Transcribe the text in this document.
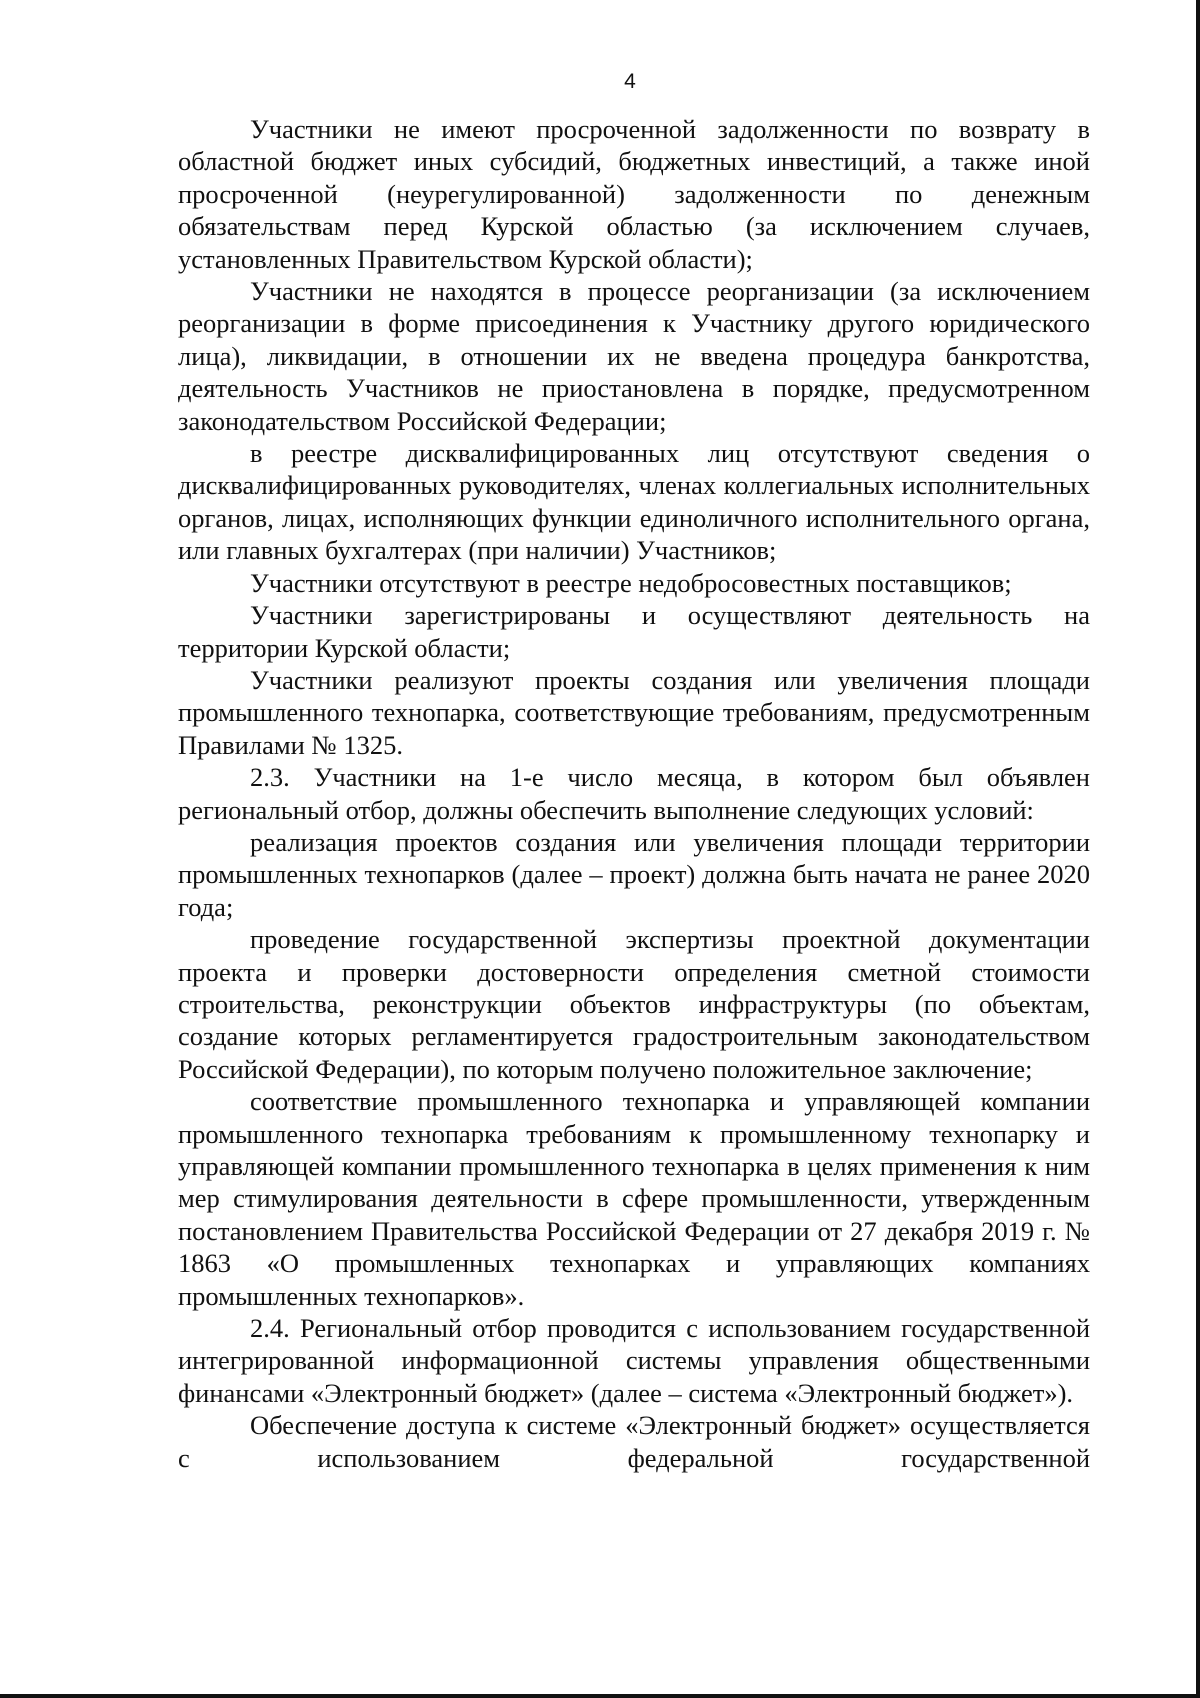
4

Участники не имеют просроченной задолженности по возврату в областной бюджет иных субсидий, бюджетных инвестиций, а также иной просроченной (неурегулированной) задолженности по денежным обязательствам перед Курской областью (за исключением случаев, установленных Правительством Курской области);

Участники не находятся в процессе реорганизации (за исключением реорганизации в форме присоединения к Участнику другого юридического лица), ликвидации, в отношении их не введена процедура банкротства, деятельность Участников не приостановлена в порядке, предусмотренном законодательством Российской Федерации;

в реестре дисквалифицированных лиц отсутствуют сведения о дисквалифицированных руководителях, членах коллегиальных исполнительных органов, лицах, исполняющих функции единоличного исполнительного органа, или главных бухгалтерах (при наличии) Участников;

Участники отсутствуют в реестре недобросовестных поставщиков;

Участники зарегистрированы и осуществляют деятельность на территории Курской области;

Участники реализуют проекты создания или увеличения площади промышленного технопарка, соответствующие требованиям, предусмотренным Правилами № 1325.

2.3. Участники на 1-е число месяца, в котором был объявлен региональный отбор, должны обеспечить выполнение следующих условий:

реализация проектов создания или увеличения площади территории промышленных технопарков (далее – проект) должна быть начата не ранее 2020 года;

проведение государственной экспертизы проектной документации проекта и проверки достоверности определения сметной стоимости строительства, реконструкции объектов инфраструктуры (по объектам, создание которых регламентируется градостроительным законодательством Российской Федерации), по которым получено положительное заключение;

соответствие промышленного технопарка и управляющей компании промышленного технопарка требованиям к промышленному технопарку и управляющей компании промышленного технопарка в целях применения к ним мер стимулирования деятельности в сфере промышленности, утвержденным постановлением Правительства Российской Федерации от 27 декабря 2019 г. № 1863 «О промышленных технопарках и управляющих компаниях промышленных технопарков».

2.4. Региональный отбор проводится с использованием государственной интегрированной информационной системы управления общественными финансами «Электронный бюджет» (далее – система «Электронный бюджет»).

Обеспечение доступа к системе «Электронный бюджет» осуществляется с использованием федеральной государственной
